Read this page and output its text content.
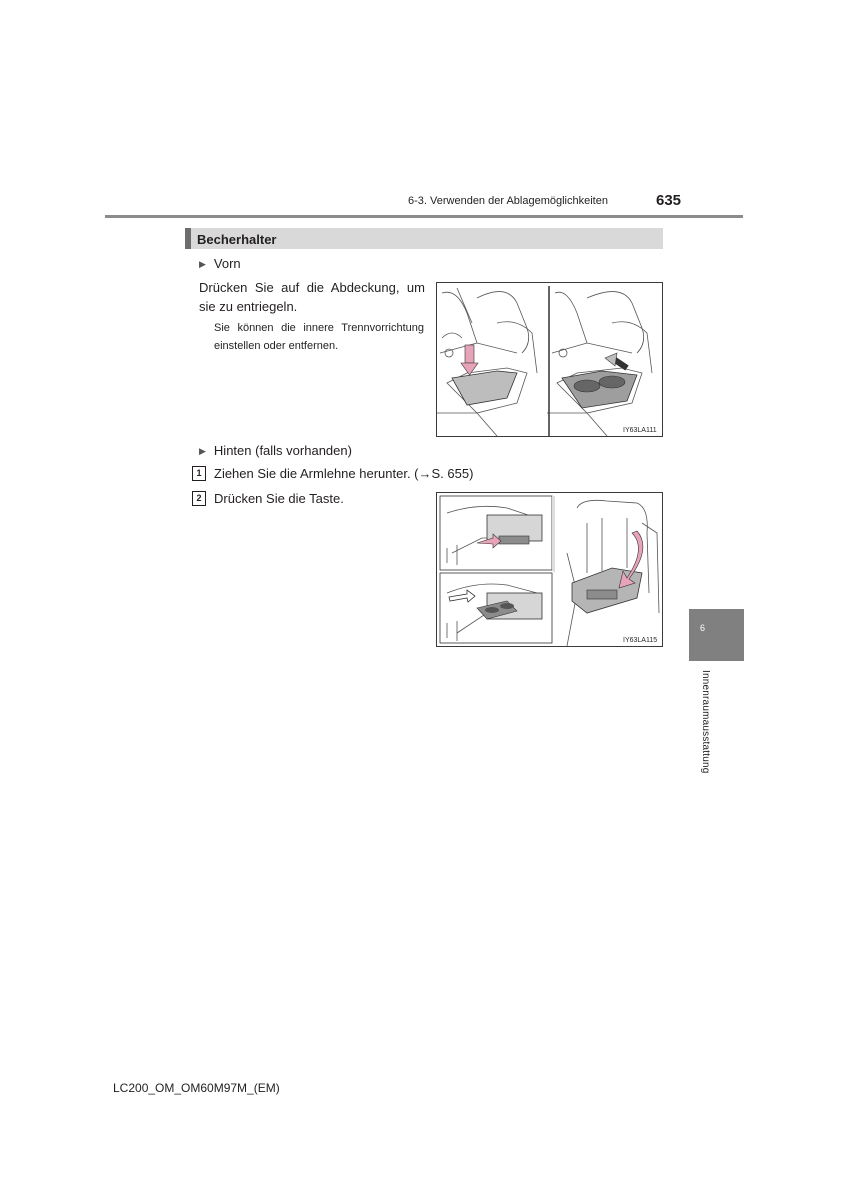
6-3. Verwenden der Ablagemöglichkeiten	635
Becherhalter
▶ Vorn
Drücken Sie auf die Abdeckung, um sie zu entriegeln.
Sie können die innere Trennvorrichtung einstellen oder entfernen.
IY63LA111
▶ Hinten (falls vorhanden)
1 Ziehen Sie die Armlehne herunter. (→S. 655)
2 Drücken Sie die Taste.
IY63LA115
6
Innenraumausstattung
LC200_OM_OM60M97M_(EM)
